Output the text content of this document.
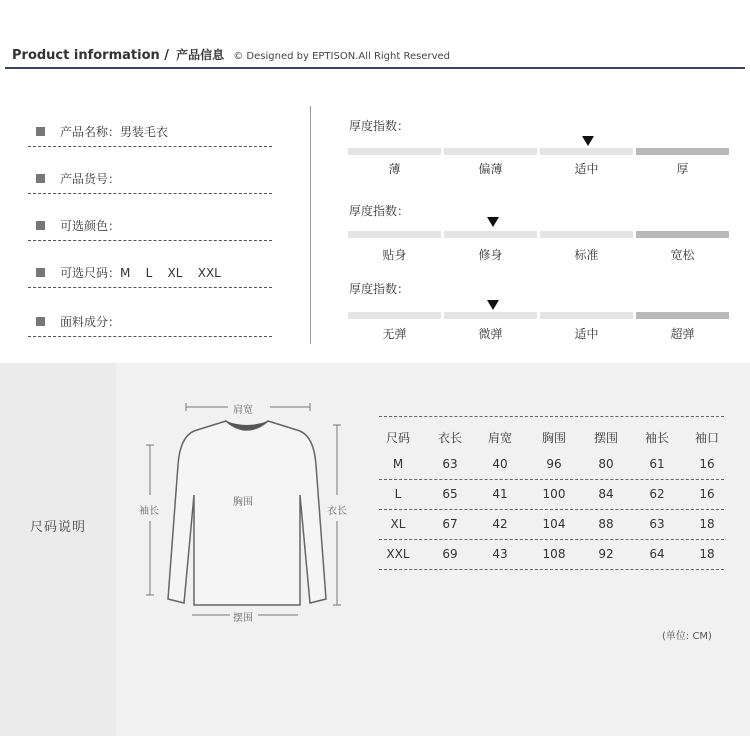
Product information / 产品信息 © Designed by EPTISON.All Right Reserved
产品名称：男装毛衣
产品货号：
可选颜色：
可选尺码：M    L    XL    XXL
面料成分：
厚度指数：
薄	偏薄	适中	厚
厚度指数：
贴身	修身	标准	宽松
厚度指数：
无弹	微弹	适中	超弹
尺码说明
肩宽
胸围
摆围
袖长	衣长
尺码	衣长	肩宽	胸围	摆围	袖长	袖口
M	63	40	96	80	61	16
L	65	41	100	84	62	16
XL	67	42	104	88	63	18
XXL	69	43	108	92	64	18
(单位: CM)
